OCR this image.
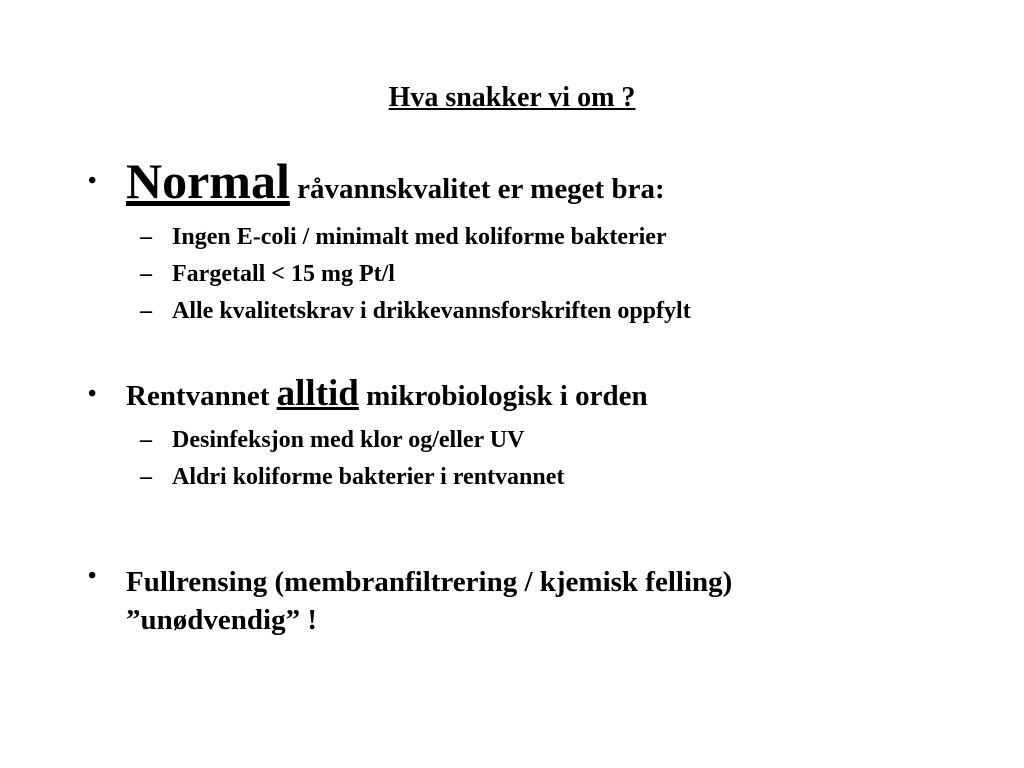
Hva snakker vi om ?
• Normal råvannskvalitet er meget bra:
– Ingen E-coli / minimalt med koliforme bakterier
– Fargetall < 15 mg Pt/l
– Alle kvalitetskrav i drikkevannsforskriften oppfylt
• Rentvannet alltid mikrobiologisk i orden
– Desinfeksjon med klor og/eller UV
– Aldri koliforme bakterier i rentvannet
• Fullrensing (membranfiltrering / kjemisk felling)
”unødvendig” !
